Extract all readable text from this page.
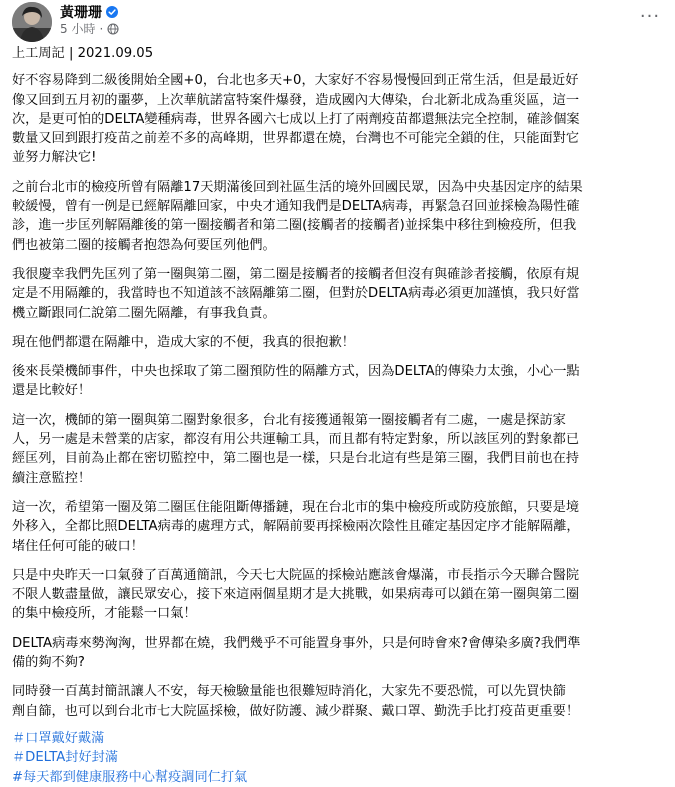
黃珊珊
5 小時 ·
···

上工周記 | 2021.09.05

好不容易降到二級後開始全國+0，台北也多天+0，大家好不容易慢慢回到正常生活，但是最近好
像又回到五月初的噩夢，上次華航諾富特案件爆發，造成國內大傳染，台北新北成為重災區，這一
次，是更可怕的DELTA變種病毒，世界各國六七成以上打了兩劑疫苗都還無法完全控制，確診個案
數量又回到跟打疫苗之前差不多的高峰期，世界都還在燒，台灣也不可能完全鎖的住，只能面對它
並努力解決它!

之前台北市的檢疫所曾有隔離17天期滿後回到社區生活的境外回國民眾，因為中央基因定序的結果
較緩慢，曾有一例是已經解隔離回家，中央才通知我們是DELTA病毒，再緊急召回並採檢為陽性確
診，進一步匡列解隔離後的第一圈接觸者和第二圈(接觸者的接觸者)並採集中移往到檢疫所，但我
們也被第二圈的接觸者抱怨為何要匡列他們。

我很慶幸我們先匡列了第一圈與第二圈，第二圈是接觸者的接觸者但沒有與確診者接觸，依原有規
定是不用隔離的，我當時也不知道該不該隔離第二圈，但對於DELTA病毒必須更加謹慎，我只好當
機立斷跟同仁說第二圈先隔離，有事我負責。

現在他們都還在隔離中，造成大家的不便，我真的很抱歉！

後來長榮機師事件，中央也採取了第二圈預防性的隔離方式，因為DELTA的傳染力太強，小心一點
還是比較好！

這一次，機師的第一圈與第二圈對象很多，台北有接獲通報第一圈接觸者有二處，一處是探訪家
人，另一處是未營業的店家，都沒有用公共運輸工具，而且都有特定對象，所以該匡列的對象都已
經匡列，目前為止都在密切監控中，第二圈也是一樣，只是台北這有些是第三圈，我們目前也在持
續注意監控！

這一次，希望第一圈及第二圈匡住能阻斷傳播鏈，現在台北市的集中檢疫所或防疫旅館，只要是境
外移入，全都比照DELTA病毒的處理方式，解隔前要再採檢兩次陰性且確定基因定序才能解隔離，
堵住任何可能的破口！

只是中央昨天一口氣發了百萬通簡訊，今天七大院區的採檢站應該會爆滿，市長指示今天聯合醫院
不限人數盡量做，讓民眾安心，接下來這兩個星期才是大挑戰，如果病毒可以鎖在第一圈與第二圈
的集中檢疫所，才能鬆一口氣！

DELTA病毒來勢洶洶，世界都在燒，我們幾乎不可能置身事外，只是何時會來?會傳染多廣?我們準
備的夠不夠?

同時發一百萬封簡訊讓人不安，每天檢驗量能也很難短時消化，大家先不要恐慌，可以先買快篩
劑自篩，也可以到台北市七大院區採檢，做好防護、減少群聚、戴口罩、勤洗手比打疫苗更重要！

＃口罩戴好戴滿
＃DELTA封好封滿
#每天都到健康服務中心幫疫調同仁打氣
